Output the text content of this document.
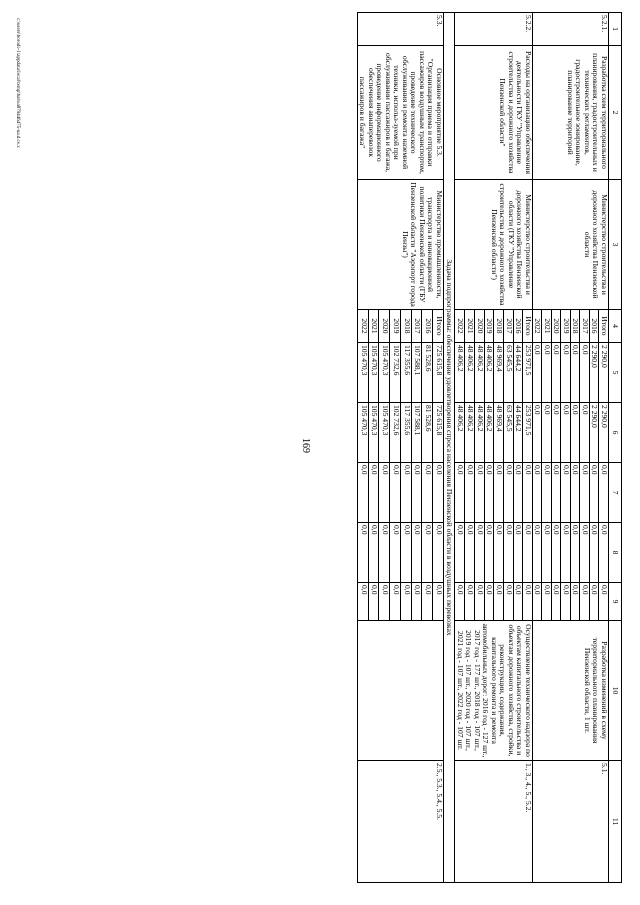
169
1	2	3	4	5	6	7	8	9	10	11
5.2.1.	Разработка схем территориального планирования, градостроительных и технических регламентов, градостроительное зонирование, планирование территорий	Министерство строительства и дорожного хозяйства Пензенской области	Итого	2 290,0	2 290,0	0,0	0,0	0,0	Разработка изменений в схему территориального планирования Пензенской области, 1 шт.	5.1.
			2016	2 290,0	2 290,0	0,0	0,0	0,0		
			2017	0,0	0,0	0,0	0,0	0,0		
			2018	0,0	0,0	0,0	0,0	0,0		
			2019	0,0	0,0	0,0	0,0	0,0		
			2020	0,0	0,0	0,0	0,0	0,0		
			2021	0,0	0,0	0,0	0,0	0,0		
			2022	0,0	0,0	0,0	0,0	0,0		
5.2.2.	Расходы на организацию обеспечения деятельности ГКУ "Управление строительства и дорожного хозяйства Пензенской области"	Министерство строительства и дорожного хозяйства Пензенской области (ГКУ "Управление строительства и дорожного хозяйства Пензенской области")	Итого	253 971,5	253 971,5	0,0	0,0	0,0	Осуществление технического надзора по объектам капитального строительства и объектам дорожного хозяйства, стройки, реконструкции, содержания, капитального ремонта и ремонта автомобильных дорог: 2016 год - 127 шт., 2017 год - 177 шт., 2018 год - 107 шт., 2019 год - 107 шт., 2020 год - 107 шт., 2021 год - 107 шт., 2022 год - 107 шт.	1., 3., 4., 5., 5.2.
			2016	44 644,2	44 644,2	0,0	0,0	0,0		
			2017	63 545,5	63 545,5	0,0	0,0	0,0		
			2018	48 969,4	48 969,4	0,0	0,0	0,0		
			2019	48 406,2	48 406,2	0,0	0,0	0,0		
			2020	48 406,2	48 406,2	0,0	0,0	0,0		
			2021	48 406,2	48 406,2	0,0	0,0	0,0		
			2022	48 406,2	48 406,2	0,0	0,0	0,0		
Задача подпрограммы: обеспечение удовлетворения спроса населения Пензенской области в воздушных перевозках										
5.3.	Основное мероприятие 5.3. "Организация приема и отправки пассажиров воздушным транспортом, проведение технического обслуживания и ремонта наземной техники, использ-зуемой при обслуживании пассажиров и багажа, проведение информационного обеспечения авиаперевозок пассажиров и багажа"	Министерство промышленности, транспорта и инновационной политики Пензенской области (ГБУ Пензенской области "Аэропорт города Пензы")	Итого	725 615,8	725 615,8	0,0	0,0	0,0		2.5., 5.3., 5.4., 5.5.
			2016	81 528,6	81 528,6	0,0	0,0	0,0		
			2017	107 588,1	107 588,1	0,0	0,0	0,0		
			2018	117 355,6	117 355,6	0,0	0,0	0,0		
			2019	102 732,6	102 732,6	0,0	0,0	0,0		
			2020	105 470,3	105 470,3	0,0	0,0	0,0		
			2021	105 470,3	105 470,3	0,0	0,0	0,0		
			2022	105 470,3	105 470,3	0,0	0,0	0,0		
c:\users\borodi~1\appdata\local\temp\bat\ea879446475-ua.d.ce.x
